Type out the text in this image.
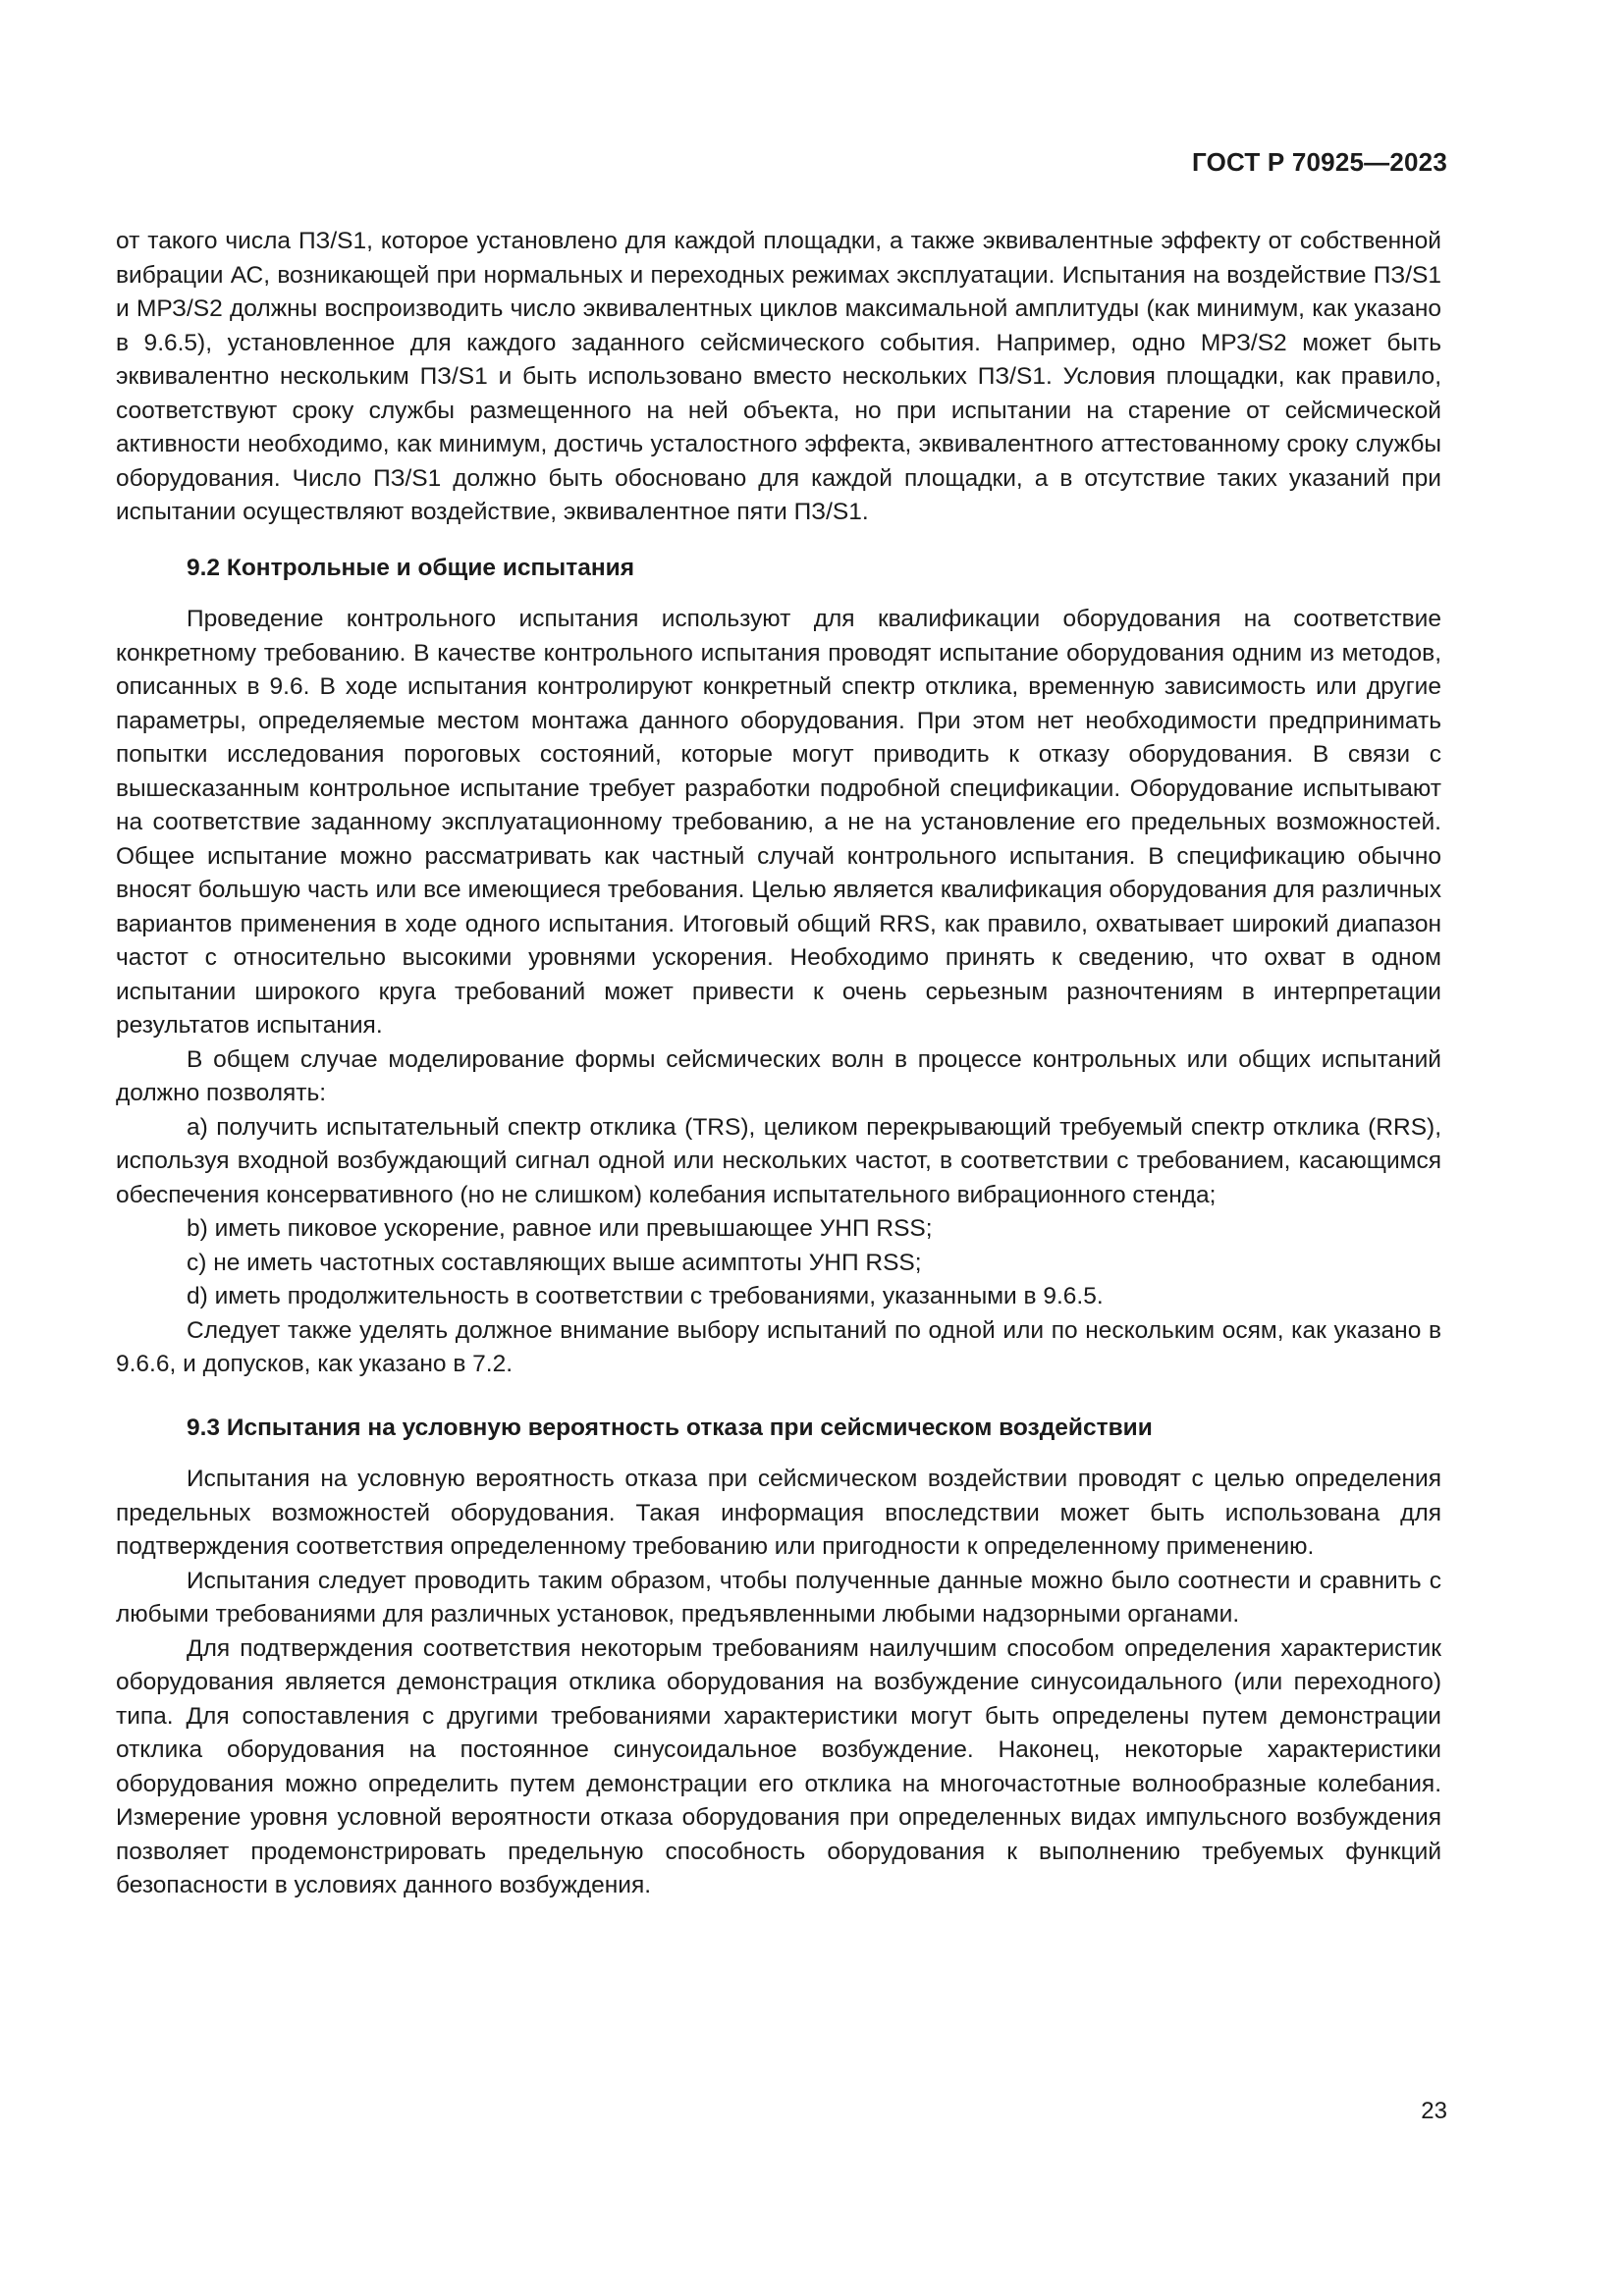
ГОСТ Р 70925—2023

от такого числа ПЗ/S1, которое установлено для каждой площадки, а также эквивалентные эффекту от собственной вибрации АС, возникающей при нормальных и переходных режимах эксплуатации. Испытания на воздействие ПЗ/S1 и МРЗ/S2 должны воспроизводить число эквивалентных циклов максимальной амплитуды (как минимум, как указано в 9.6.5), установленное для каждого заданного сейсмического события. Например, одно МРЗ/S2 может быть эквивалентно нескольким ПЗ/S1 и быть использовано вместо нескольких ПЗ/S1. Условия площадки, как правило, соответствуют сроку службы размещенного на ней объекта, но при испытании на старение от сейсмической активности необходимо, как минимум, достичь усталостного эффекта, эквивалентного аттестованному сроку службы оборудования. Число ПЗ/S1 должно быть обосновано для каждой площадки, а в отсутствие таких указаний при испытании осуществляют воздействие, эквивалентное пяти ПЗ/S1.

9.2 Контрольные и общие испытания

Проведение контрольного испытания используют для квалификации оборудования на соответствие конкретному требованию. В качестве контрольного испытания проводят испытание оборудования одним из методов, описанных в 9.6. В ходе испытания контролируют конкретный спектр отклика, временную зависимость или другие параметры, определяемые местом монтажа данного оборудования. При этом нет необходимости предпринимать попытки исследования пороговых состояний, которые могут приводить к отказу оборудования. В связи с вышесказанным контрольное испытание требует разработки подробной спецификации. Оборудование испытывают на соответствие заданному эксплуатационному требованию, а не на установление его предельных возможностей. Общее испытание можно рассматривать как частный случай контрольного испытания. В спецификацию обычно вносят большую часть или все имеющиеся требования. Целью является квалификация оборудования для различных вариантов применения в ходе одного испытания. Итоговый общий RRS, как правило, охватывает широкий диапазон частот с относительно высокими уровнями ускорения. Необходимо принять к сведению, что охват в одном испытании широкого круга требований может привести к очень серьезным разночтениям в интерпретации результатов испытания.

В общем случае моделирование формы сейсмических волн в процессе контрольных или общих испытаний должно позволять:

а) получить испытательный спектр отклика (TRS), целиком перекрывающий требуемый спектр отклика (RRS), используя входной возбуждающий сигнал одной или нескольких частот, в соответствии с требованием, касающимся обеспечения консервативного (но не слишком) колебания испытательного вибрационного стенда;

b) иметь пиковое ускорение, равное или превышающее УНП RSS;

c) не иметь частотных составляющих выше асимптоты УНП RSS;

d) иметь продолжительность в соответствии с требованиями, указанными в 9.6.5.

Следует также уделять должное внимание выбору испытаний по одной или по нескольким осям, как указано в 9.6.6, и допусков, как указано в 7.2.

9.3 Испытания на условную вероятность отказа при сейсмическом воздействии

Испытания на условную вероятность отказа при сейсмическом воздействии проводят с целью определения предельных возможностей оборудования. Такая информация впоследствии может быть использована для подтверждения соответствия определенному требованию или пригодности к определенному применению.

Испытания следует проводить таким образом, чтобы полученные данные можно было соотнести и сравнить с любыми требованиями для различных установок, предъявленными любыми надзорными органами.

Для подтверждения соответствия некоторым требованиям наилучшим способом определения характеристик оборудования является демонстрация отклика оборудования на возбуждение синусоидального (или переходного) типа. Для сопоставления с другими требованиями характеристики могут быть определены путем демонстрации отклика оборудования на постоянное синусоидальное возбуждение. Наконец, некоторые характеристики оборудования можно определить путем демонстрации его отклика на многочастотные волнообразные колебания. Измерение уровня условной вероятности отказа оборудования при определенных видах импульсного возбуждения позволяет продемонстрировать предельную способность оборудования к выполнению требуемых функций безопасности в условиях данного возбуждения.

23
